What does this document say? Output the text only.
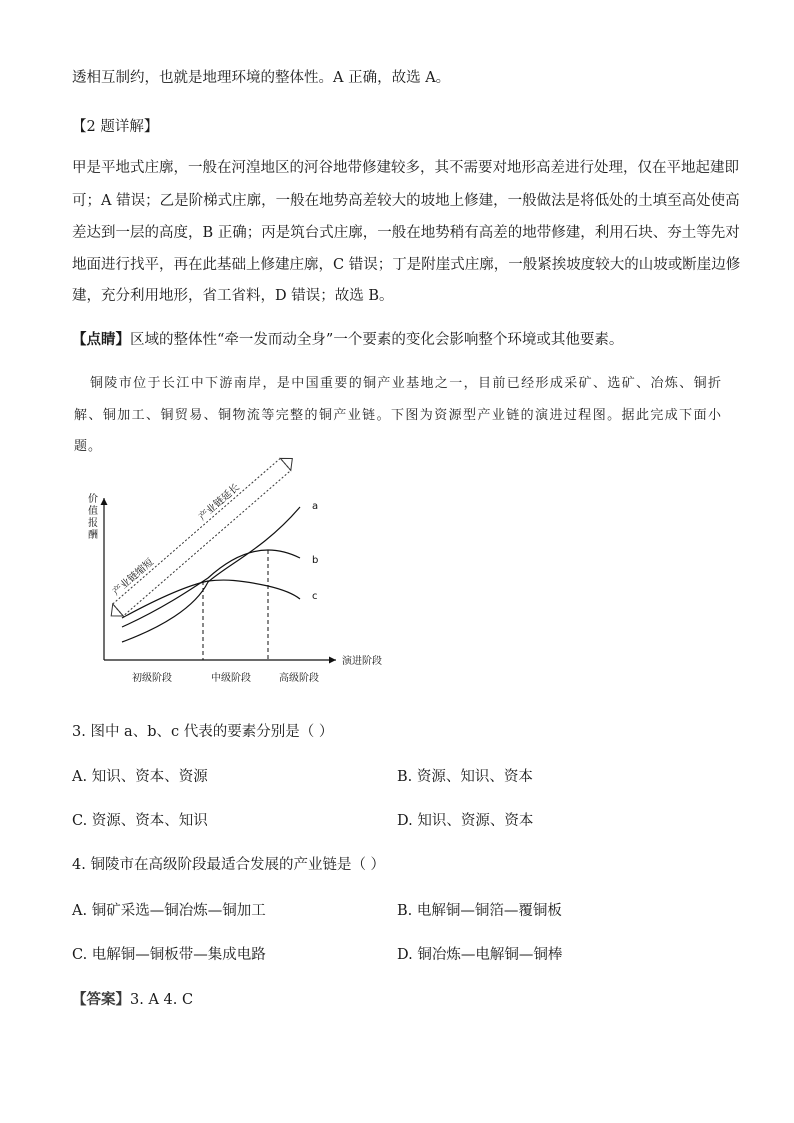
透相互制约，也就是地理环境的整体性。A 正确，故选 A。
【2 题详解】
甲是平地式庄廓，一般在河湟地区的河谷地带修建较多，其不需要对地形高差进行处理，仅在平地起建即
可；A 错误；乙是阶梯式庄廓，一般在地势高差较大的坡地上修建，一般做法是将低处的土填至高处使高
差达到一层的高度，B 正确；丙是筑台式庄廓，一般在地势稍有高差的地带修建，利用石块、夯土等先对
地面进行找平，再在此基础上修建庄廓，C 错误；丁是附崖式庄廓，一般紧挨坡度较大的山坡或断崖边修
建，充分利用地形，省工省料，D 错误；故选 B。
【点睛】区域的整体性“牵一发而动全身”一个要素的变化会影响整个环境或其他要素。
铜陵市位于长江中下游南岸，是中国重要的铜产业基地之一，目前已经形成采矿、选矿、冶炼、铜折
解、铜加工、铜贸易、铜物流等完整的铜产业链。下图为资源型产业链的演进过程图。据此完成下面小
题。
价
值
报
酬
演进阶段
初级阶段	中级阶段	高级阶段
a
b
c
产业链缩短
产业链延长
3. 图中 a、b、c 代表的要素分别是（ ）
A. 知识、资本、资源	B. 资源、知识、资本
C. 资源、资本、知识	D. 知识、资源、资本
4. 铜陵市在高级阶段最适合发展的产业链是（ ）
A. 铜矿采选—铜冶炼—铜加工	B. 电解铜—铜箔—覆铜板
C. 电解铜—铜板带—集成电路	D. 铜冶炼—电解铜—铜棒
【答案】3. A 4. C
